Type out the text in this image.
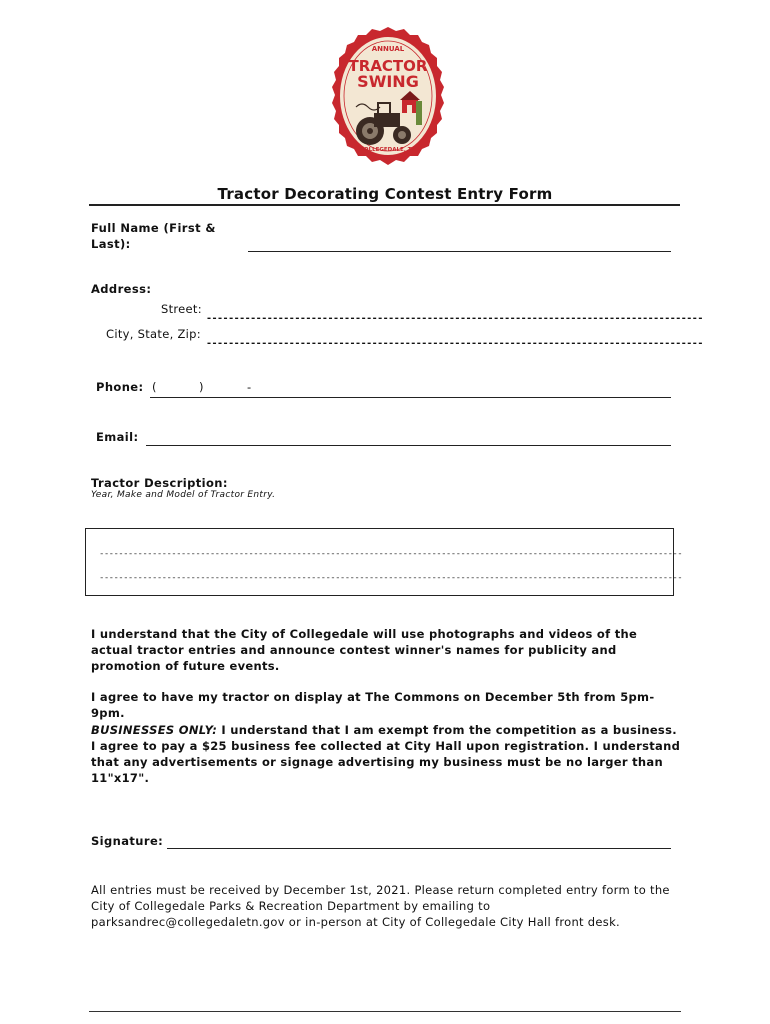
ANNUAL
TRACTOR
SWING
COLLEGEDALE, TN
Tractor Decorating Contest Entry Form
Full Name (First &
Last):
Address:
Street:
------------------------------------------------------------------------------------------
City, State, Zip:
------------------------------------------------------------------------------------------
Phone: (	)	-
Email:
Tractor Description:
Year, Make and Model of Tractor Entry.
-------------------------------------------------------------------------------------------------------------------------
-------------------------------------------------------------------------------------------------------------------------
I understand that the City of Collegedale will use photographs and videos of the actual tractor entries and announce contest winner's names for publicity and promotion of future events.
I agree to have my tractor on display at The Commons on December 5th from 5pm-9pm.
BUSINESSES ONLY: I understand that I am exempt from the competition as a business. I agree to pay a $25 business fee collected at City Hall upon registration. I understand that any advertisements or signage advertising my business must be no larger than 11"x17".
Signature:
All entries must be received by December 1st, 2021. Please return completed entry form to the City of Collegedale Parks & Recreation Department by emailing to parksandrec@collegedaletn.gov or in-person at City of Collegedale City Hall front desk.
